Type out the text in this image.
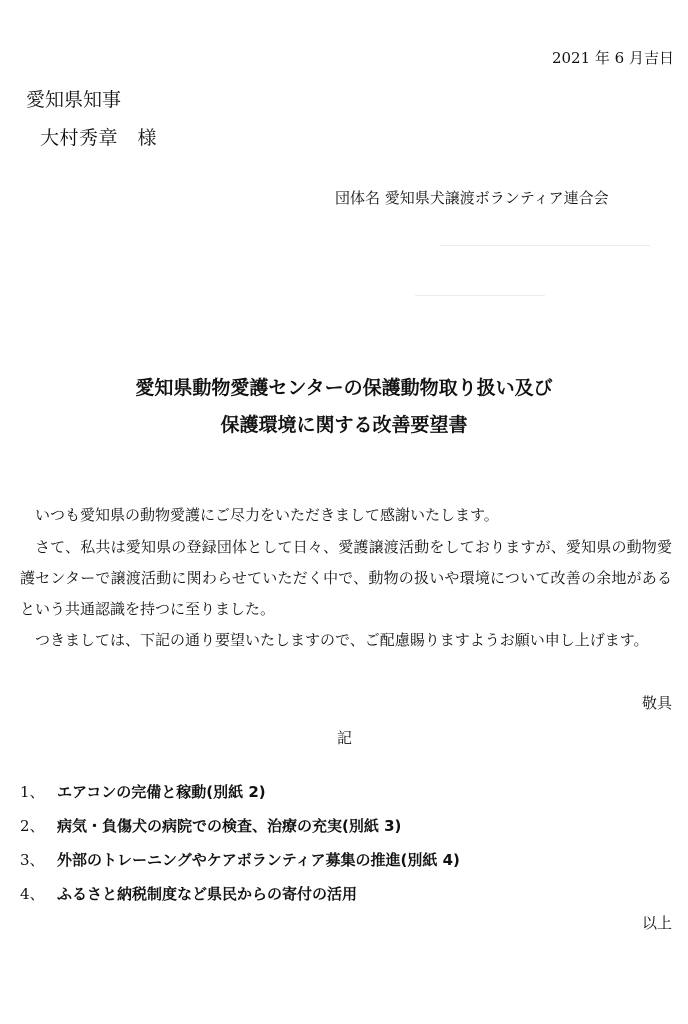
2021 年 6 月吉日
愛知県知事
大村秀章　様
団体名 愛知県犬譲渡ボランティア連合会
愛知県動物愛護センターの保護動物取り扱い及び
保護環境に関する改善要望書
いつも愛知県の動物愛護にご尽力をいただきまして感謝いたします。
さて、私共は愛知県の登録団体として日々、愛護譲渡活動をしておりますが、愛知県の動物愛護センターで譲渡活動に関わらせていただく中で、動物の扱いや環境について改善の余地があるという共通認識を持つに至りました。
つきましては、下記の通り要望いたしますので、ご配慮賜りますようお願い申し上げます。
敬具
記
1、 エアコンの完備と稼動(別紙 2)
2、 病気・負傷犬の病院での検査、治療の充実(別紙 3)
3、 外部のトレーニングやケアボランティア募集の推進(別紙 4)
4、 ふるさと納税制度など県民からの寄付の活用
以上
